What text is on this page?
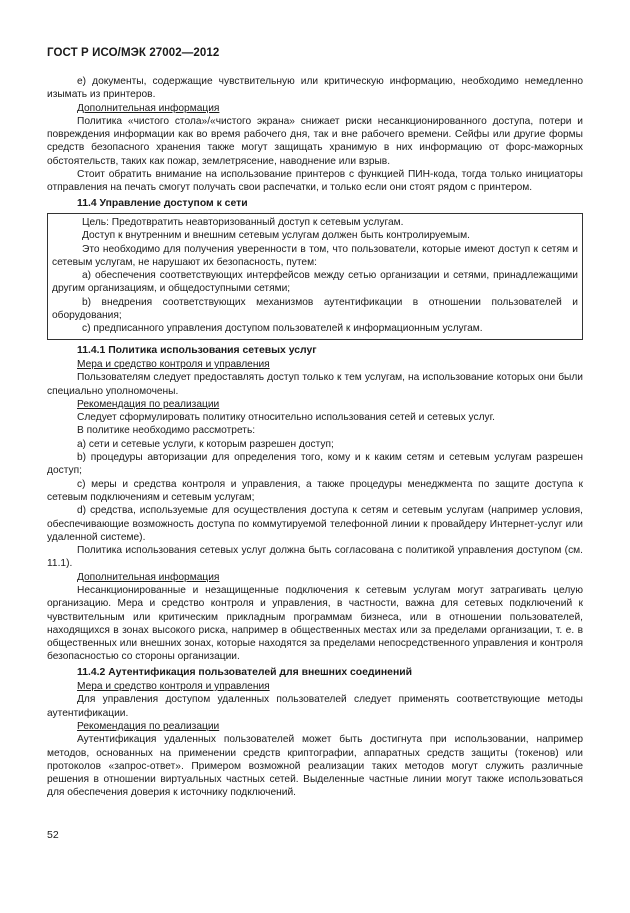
ГОСТ Р ИСО/МЭК 27002—2012

е) документы, содержащие чувствительную или критическую информацию, необходимо немедленно изымать из принтеров.

Дополнительная информация

Политика «чистого стола»/«чистого экрана» снижает риски несанкционированного доступа, потери и повреждения информации как во время рабочего дня, так и вне рабочего времени. Сейфы или другие формы средств безопасного хранения также могут защищать хранимую в них информацию от форс-мажорных обстоятельств, таких как пожар, землетрясение, наводнение или взрыв.

Стоит обратить внимание на использование принтеров с функцией ПИН-кода, тогда только инициаторы отправления на печать смогут получать свои распечатки, и только если они стоят рядом с принтером.

11.4 Управление доступом к сети

Цель: Предотвратить неавторизованный доступ к сетевым услугам.

Доступ к внутренним и внешним сетевым услугам должен быть контролируемым.

Это необходимо для получения уверенности в том, что пользователи, которые имеют доступ к сетям и сетевым услугам, не нарушают их безопасность, путем:

а) обеспечения соответствующих интерфейсов между сетью организации и сетями, принадлежащими другим организациям, и общедоступными сетями;

b) внедрения соответствующих механизмов аутентификации в отношении пользователей и оборудования;

с) предписанного управления доступом пользователей к информационным услугам.

11.4.1 Политика использования сетевых услуг

Мера и средство контроля и управления

Пользователям следует предоставлять доступ только к тем услугам, на использование которых они были специально уполномочены.

Рекомендация по реализации

Следует сформулировать политику относительно использования сетей и сетевых услуг.

В политике необходимо рассмотреть:

а) сети и сетевые услуги, к которым разрешен доступ;

b) процедуры авторизации для определения того, кому и к каким сетям и сетевым услугам разрешен доступ;

с) меры и средства контроля и управления, а также процедуры менеджмента по защите доступа к сетевым подключениям и сетевым услугам;

d) средства, используемые для осуществления доступа к сетям и сетевым услугам (например условия, обеспечивающие возможность доступа по коммутируемой телефонной линии к провайдеру Интернет-услуг или удаленной системе).

Политика использования сетевых услуг должна быть согласована с политикой управления доступом (см. 11.1).

Дополнительная информация

Несанкционированные и незащищенные подключения к сетевым услугам могут затрагивать целую организацию. Мера и средство контроля и управления, в частности, важна для сетевых подключений к чувствительным или критическим прикладным программам бизнеса, или в отношении пользователей, находящихся в зонах высокого риска, например в общественных местах или за пределами организации, т. е. в общественных или внешних зонах, которые находятся за пределами непосредственного управления и контроля безопасностью со стороны организации.

11.4.2 Аутентификация пользователей для внешних соединений

Мера и средство контроля и управления

Для управления доступом удаленных пользователей следует применять соответствующие методы аутентификации.

Рекомендация по реализации

Аутентификация удаленных пользователей может быть достигнута при использовании, например методов, основанных на применении средств криптографии, аппаратных средств защиты (токенов) или протоколов «запрос-ответ». Примером возможной реализации таких методов могут служить различные решения в отношении виртуальных частных сетей. Выделенные частные линии могут также использоваться для обеспечения доверия к источнику подключений.

52
